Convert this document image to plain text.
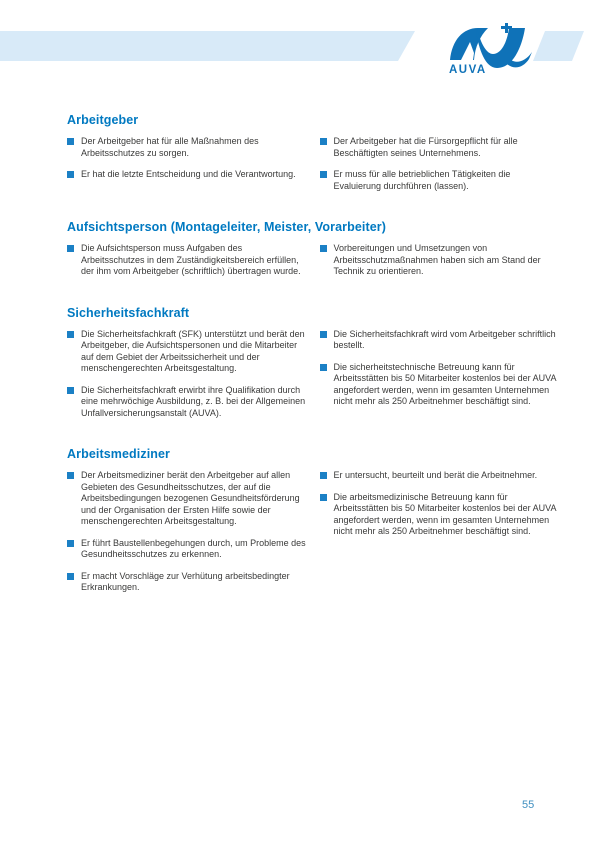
AUVA
Arbeitgeber

Der Arbeitgeber hat für alle Maßnahmen des Arbeitsschutzes zu sorgen.

Er hat die letzte Entscheidung und die Verantwortung.

Der Arbeitgeber hat die Fürsorgepflicht für alle Beschäftigten seines Unternehmens.

Er muss für alle betrieblichen Tätigkeiten die Evaluierung durchführen (lassen).

Aufsichtsperson (Montageleiter, Meister, Vorarbeiter)

Die Aufsichtsperson muss Aufgaben des Arbeitsschutzes in dem Zuständigkeitsbereich erfüllen, der ihm vom Arbeitgeber (schriftlich) übertragen wurde.

Vorbereitungen und Umsetzungen von Arbeitsschutzmaßnahmen haben sich am Stand der Technik zu orientieren.

Sicherheitsfachkraft

Die Sicherheitsfachkraft (SFK) unterstützt und berät den Arbeitgeber, die Aufsichtspersonen und die Mitarbeiter auf dem Gebiet der Arbeitssicherheit und der menschengerechten Arbeitsgestaltung.

Die Sicherheitsfachkraft erwirbt ihre Qualifikation durch eine mehrwöchige Ausbildung, z. B. bei der Allgemeinen Unfallversicherungsanstalt (AUVA).

Die Sicherheitsfachkraft wird vom Arbeitgeber schriftlich bestellt.

Die sicherheitstechnische Betreuung kann für Arbeitsstätten bis 50 Mitarbeiter kostenlos bei der AUVA angefordert werden, wenn im gesamten Unternehmen nicht mehr als 250 Arbeitnehmer beschäftigt sind.

Arbeitsmediziner

Der Arbeitsmediziner berät den Arbeitgeber auf allen Gebieten des Gesundheitsschutzes, der auf die Arbeitsbedingungen bezogenen Gesundheitsförderung und der Organisation der Ersten Hilfe sowie der menschengerechten Arbeitsgestaltung.

Er führt Baustellenbegehungen durch, um Probleme des Gesundheitsschutzes zu erkennen.

Er macht Vorschläge zur Verhütung arbeitsbedingter Erkrankungen.

Er untersucht, beurteilt und berät die Arbeitnehmer.

Die arbeitsmedizinische Betreuung kann für Arbeitsstätten bis 50 Mitarbeiter kostenlos bei der AUVA angefordert werden, wenn im gesamten Unternehmen nicht mehr als 250 Arbeitnehmer beschäftigt sind.

55
